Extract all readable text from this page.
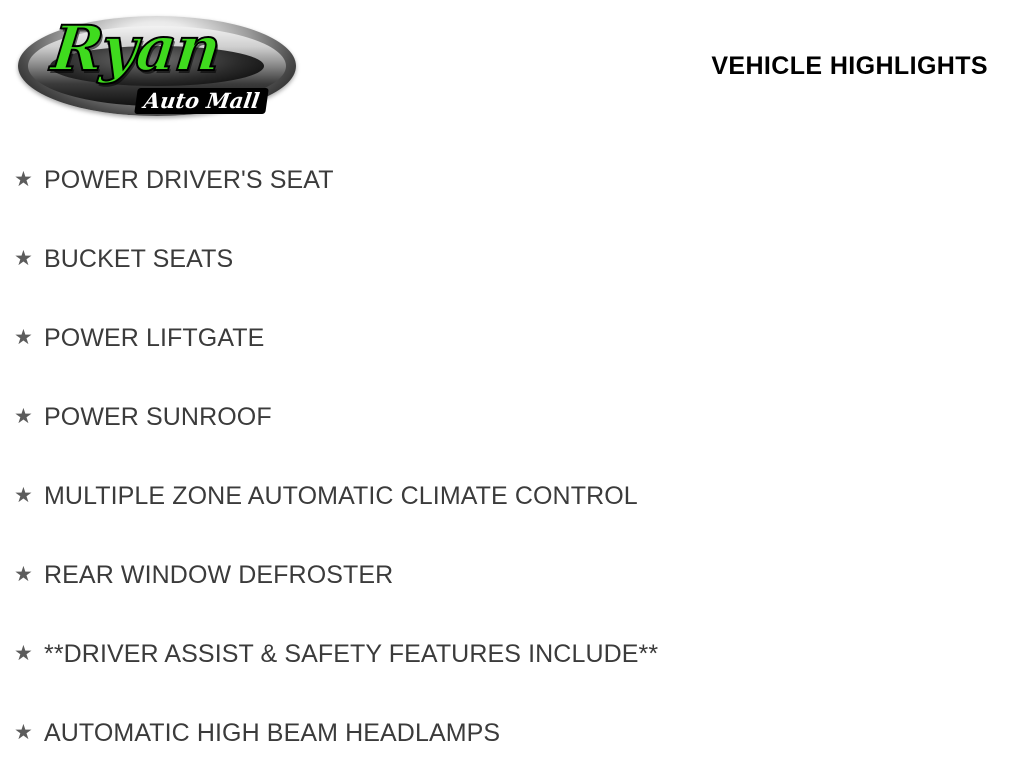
Ryan
Auto Mall
VEHICLE HIGHLIGHTS
★ POWER DRIVER'S SEAT
★ BUCKET SEATS
★ POWER LIFTGATE
★ POWER SUNROOF
★ MULTIPLE ZONE AUTOMATIC CLIMATE CONTROL
★ REAR WINDOW DEFROSTER
★ **DRIVER ASSIST & SAFETY FEATURES INCLUDE**
★ AUTOMATIC HIGH BEAM HEADLAMPS
